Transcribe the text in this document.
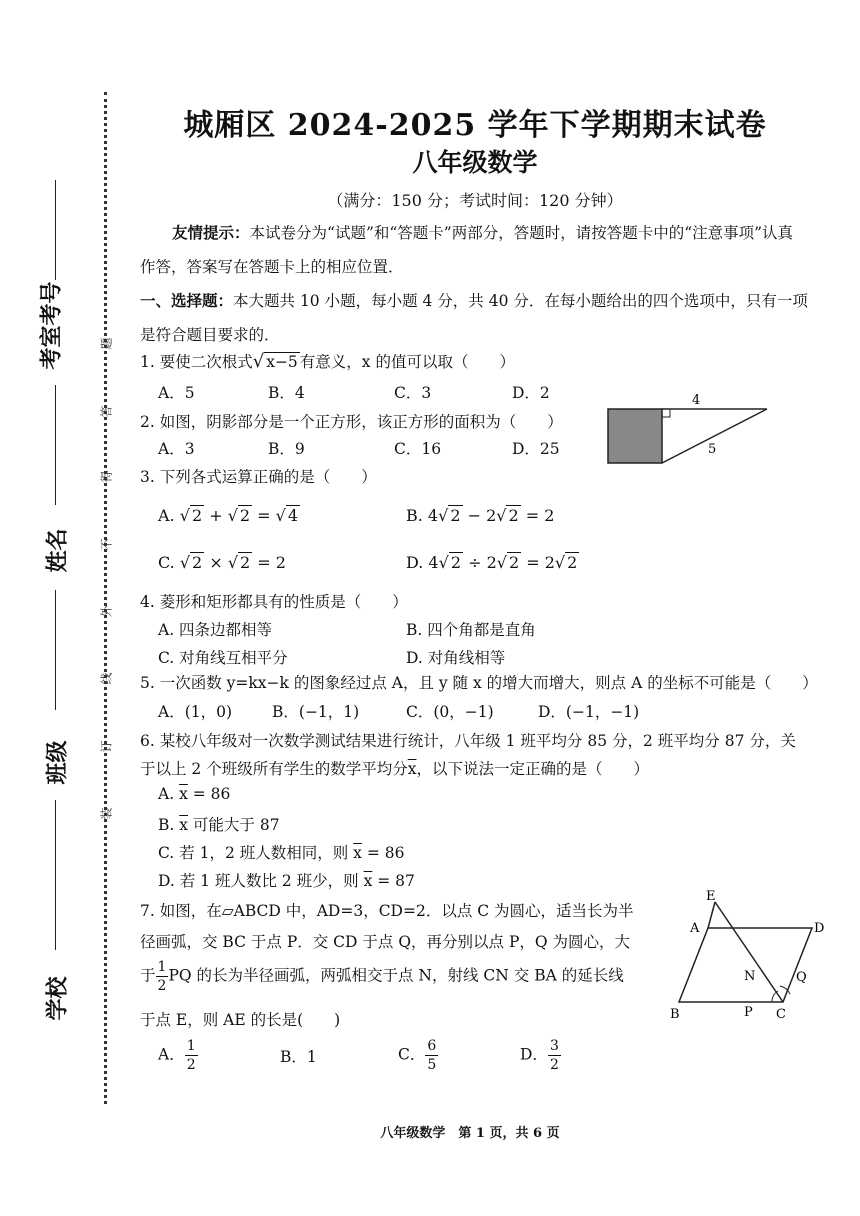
考室考号
姓名
班级
学校
题
答
得
不
外
线
订
装
城厢区 2024-2025 学年下学期期末试卷
八年级数学
（满分：150 分；考试时间：120 分钟）
友情提示：本试卷分为“试题”和“答题卡”两部分，答题时，请按答题卡中的“注意事项”认真作答，答案写在答题卡上的相应位置．
一、选择题：本大题共 10 小题，每小题 4 分，共 40 分．在每小题给出的四个选项中，只有一项是符合题目要求的．
1. 要使二次根式√ x−5 有意义，x 的值可以取（　　）
A．5	B．4	C．3	D．2
2. 如图，阴影部分是一个正方形，该正方形的面积为（　　）
A．3	B．9	C．16	D．25
4
5
3. 下列各式运算正确的是（　　）
A. √ 2 + √ 2 = √ 4	B. 4√ 2 − 2√ 2 = 2
C. √ 2 × √ 2 = 2	D. 4√ 2 ÷ 2√ 2 = 2√ 2
4. 菱形和矩形都具有的性质是（　　）
A. 四条边都相等	B. 四个角都是直角
C. 对角线互相平分	D. 对角线相等
5. 一次函数 y=kx−k 的图象经过点 A，且 y 随 x 的增大而增大，则点 A 的坐标不可能是（　　）
A．(1，0)	B．(−1，1)	C．(0，−1)	D．(−1，−1)
6. 某校八年级对一次数学测试结果进行统计，八年级 1 班平均分 85 分，2 班平均分 87 分，关
于以上 2 个班级所有学生的数学平均分$\overline{x}$，以下说法一定正确的是（　　）
A. $\overline{x} = 86$
B. $\overline{x}$ 可能大于 87
C. 若 1，2 班人数相同，则 $\overline{x} = 86$
D. 若 1 班人数比 2 班少，则 $\overline{x} = 87$
7. 如图，在▱ABCD 中，AD=3，CD=2．以点 C 为圆心，适当长为半
径画弧，交 BC 于点 P．交 CD 于点 Q，再分别以点 P，Q 为圆心，大
于 $\frac{1}{2}$ PQ 的长为半径画弧，两弧相交于点 N，射线 CN 交 BA 的延长线
于点 E，则 AE 的长是(　　)
A． $\frac{1}{2}$	B．1	C． $\frac{6}{5}$	D． $\frac{3}{2}$
E
A	D
N	Q
B	P C
八年级数学　第 1 页，共 6 页
